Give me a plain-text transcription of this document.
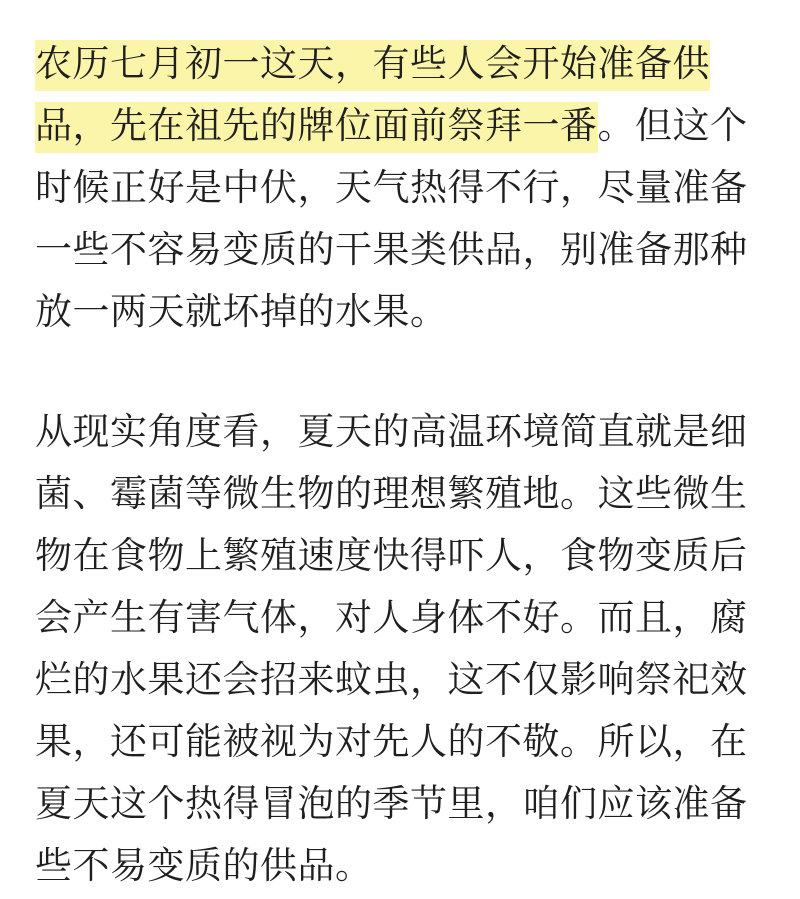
农历七月初一这天，有些人会开始准备供
品，先在祖先的牌位面前祭拜一番。但这个
时候正好是中伏，天气热得不行，尽量准备
一些不容易变质的干果类供品，别准备那种
放一两天就坏掉的水果。
从现实角度看，夏天的高温环境简直就是细
菌、霉菌等微生物的理想繁殖地。这些微生
物在食物上繁殖速度快得吓人，食物变质后
会产生有害气体，对人身体不好。而且，腐
烂的水果还会招来蚊虫，这不仅影响祭祀效
果，还可能被视为对先人的不敬。所以，在
夏天这个热得冒泡的季节里，咱们应该准备
些不易变质的供品。
